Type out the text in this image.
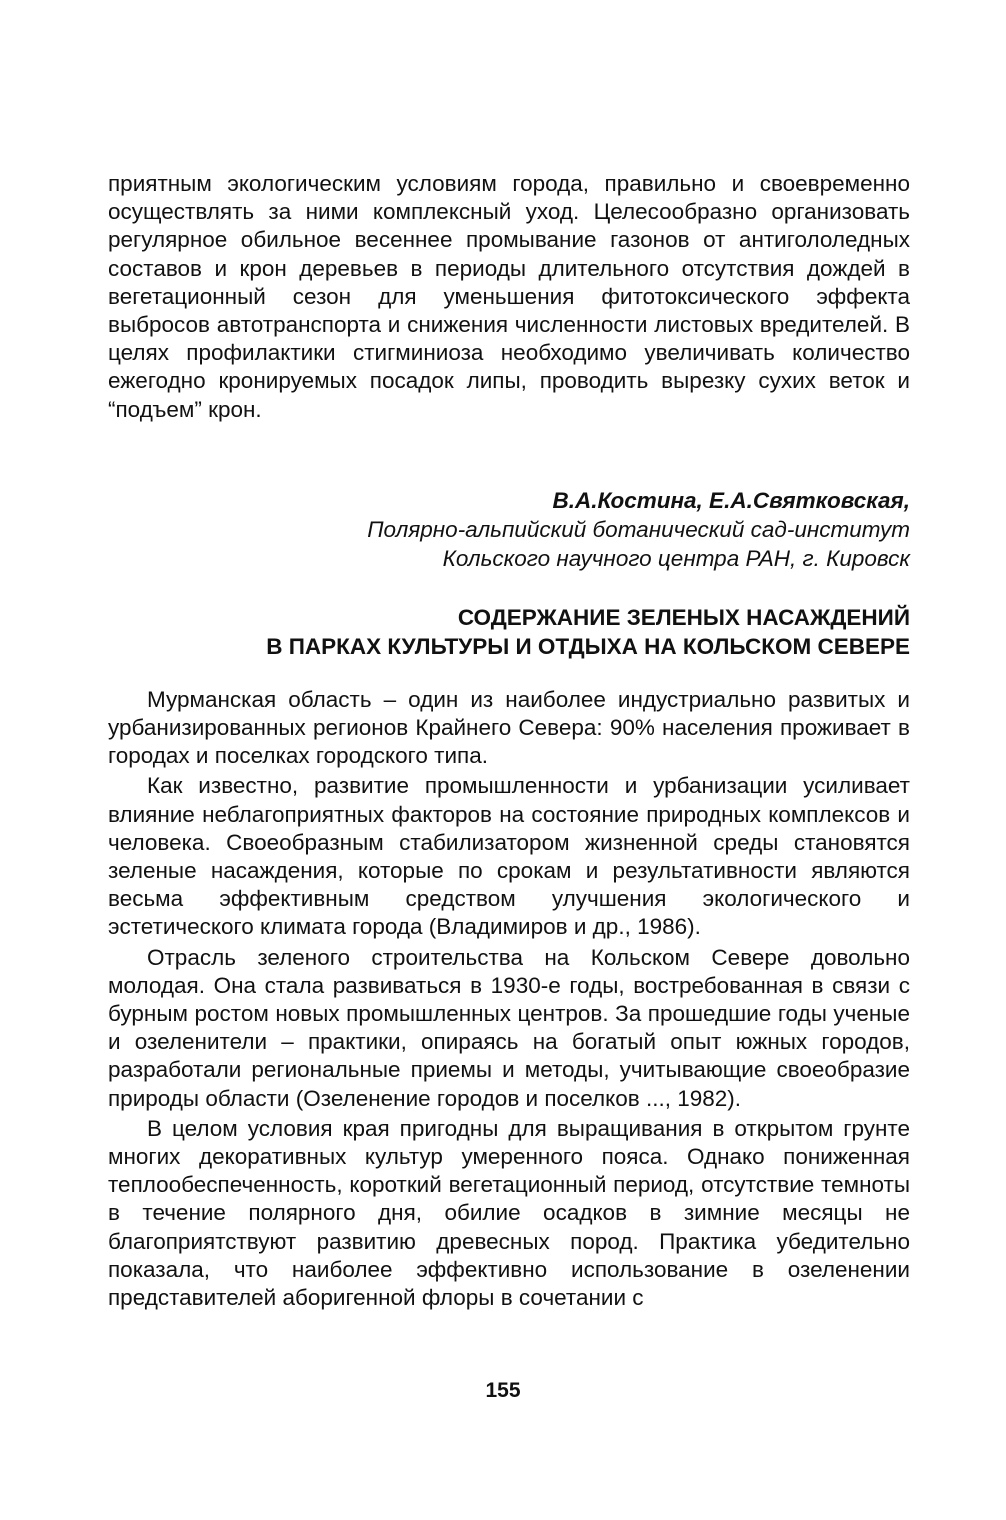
приятным экологическим условиям города, правильно и своевременно осуществлять за ними комплексный уход. Целесообразно организовать регулярное обильное весеннее промывание газонов от антигололедных составов и крон деревьев в периоды длительного отсутствия дождей в вегетационный сезон для уменьшения фитотоксического эффекта выбросов автотранспорта и снижения численности листовых вредителей. В целях профилактики стигминиоза необходимо увеличивать количество ежегодно кронируемых посадок липы, проводить вырезку сухих веток и “подъем” крон.

В.А.Костина, Е.А.Святковская,
Полярно-альпийский ботанический сад-институт
Кольского научного центра РАН, г. Кировск

СОДЕРЖАНИЕ ЗЕЛЕНЫХ НАСАЖДЕНИЙ

В ПАРКАХ КУЛЬТУРЫ И ОТДЫХА НА КОЛЬСКОМ СЕВЕРЕ

Мурманская область – один из наиболее индустриально развитых и урбанизированных регионов Крайнего Севера: 90% населения проживает в городах и поселках городского типа.

Как известно, развитие промышленности и урбанизации усиливает влияние неблагоприятных факторов на состояние природных комплексов и человека. Своеобразным стабилизатором жизненной среды становятся зеленые насаждения, которые по срокам и результативности являются весьма эффективным средством улучшения экологического и эстетического климата города (Владимиров и др., 1986).

Отрасль зеленого строительства на Кольском Севере довольно молодая. Она стала развиваться в 1930-е годы, востребованная в связи с бурным ростом новых промышленных центров. За прошедшие годы ученые и озеленители – практики, опираясь на богатый опыт южных городов, разработали региональные приемы и методы, учитывающие своеобразие природы области (Озеленение городов и поселков ..., 1982).

В целом условия края пригодны для выращивания в открытом грунте многих декоративных культур умеренного пояса. Однако пониженная теплообеспеченность, короткий вегетационный период, отсутствие темноты в течение полярного дня, обилие осадков в зимние месяцы не благоприятствуют развитию древесных пород. Практика убедительно показала, что наиболее эффективно использование в озеленении представителей аборигенной флоры в сочетании с

155
